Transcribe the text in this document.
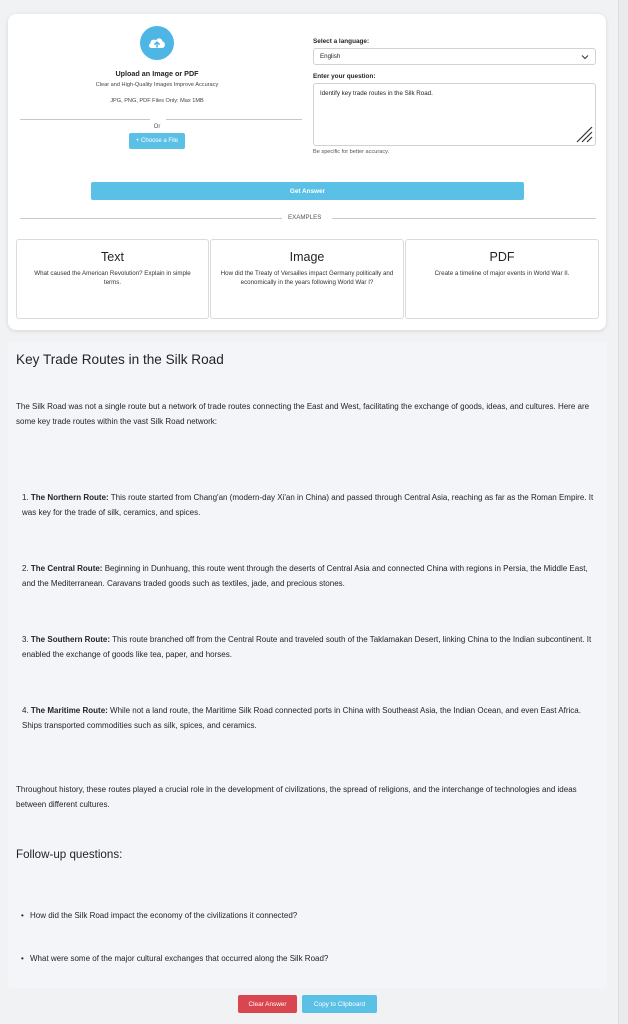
Upload an Image or PDF
Clear and High-Quality Images Improve Accuracy
JPG, PNG, PDF Files Only: Max 1MB
Or
+ Choose a File
Select a language:
English
Enter your question:
Identify key trade routes in the Silk Road.
Be specific for better accuracy.
Get Answer
EXAMPLES
Text
What caused the American Revolution? Explain in simple terms.
Image
How did the Treaty of Versailles impact Germany politically and economically in the years following World War I?
PDF
Create a timeline of major events in World War II.
Key Trade Routes in the Silk Road
The Silk Road was not a single route but a network of trade routes connecting the East and West, facilitating the exchange of goods, ideas, and cultures. Here are some key trade routes within the vast Silk Road network:
1. The Northern Route: This route started from Chang'an (modern-day Xi'an in China) and passed through Central Asia, reaching as far as the Roman Empire. It was key for the trade of silk, ceramics, and spices.
2. The Central Route: Beginning in Dunhuang, this route went through the deserts of Central Asia and connected China with regions in Persia, the Middle East, and the Mediterranean. Caravans traded goods such as textiles, jade, and precious stones.
3. The Southern Route: This route branched off from the Central Route and traveled south of the Taklamakan Desert, linking China to the Indian subcontinent. It enabled the exchange of goods like tea, paper, and horses.
4. The Maritime Route: While not a land route, the Maritime Silk Road connected ports in China with Southeast Asia, the Indian Ocean, and even East Africa. Ships transported commodities such as silk, spices, and ceramics.
Throughout history, these routes played a crucial role in the development of civilizations, the spread of religions, and the interchange of technologies and ideas between different cultures.
Follow-up questions:
• How did the Silk Road impact the economy of the civilizations it connected?
• What were some of the major cultural exchanges that occurred along the Silk Road?
Clear Answer	Copy to Clipboard
